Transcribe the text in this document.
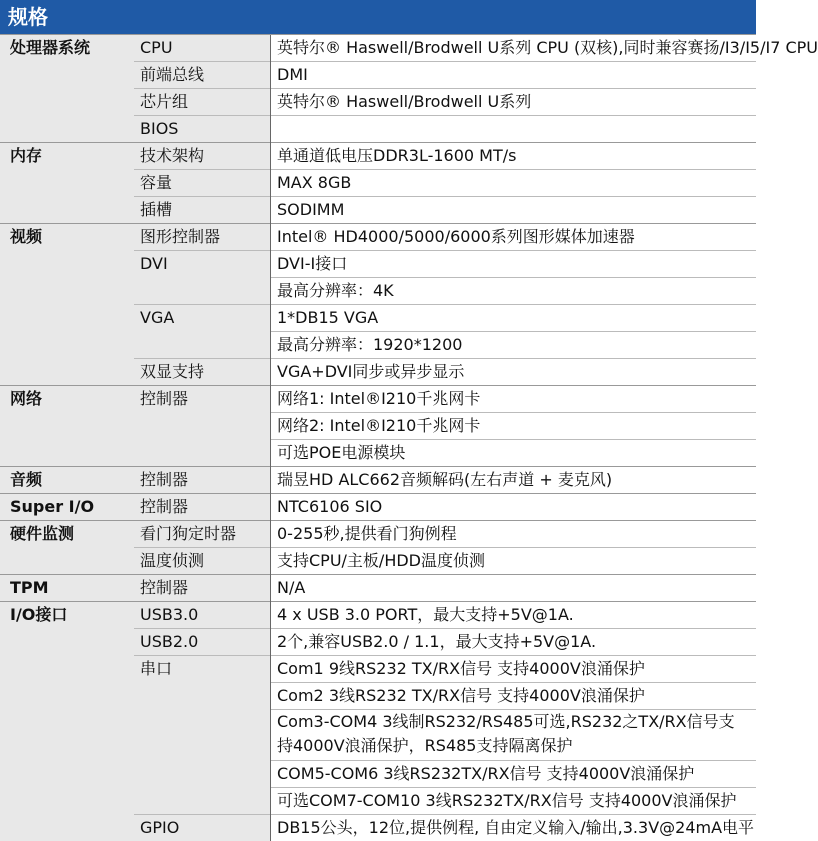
规格
处理器系统	CPU	英特尔® Haswell/Brodwell U系列 CPU (双核),同时兼容赛扬/I3/I5/I7 CPU
	前端总线	DMI
	芯片组	英特尔® Haswell/Brodwell U系列
	BIOS	
内存	技术架构	单通道低电压DDR3L-1600 MT/s
	容量	MAX 8GB
	插槽	SODIMM
视频	图形控制器	Intel® HD4000/5000/6000系列图形媒体加速器
	DVI	DVI-I接口
		最高分辨率：4K
	VGA	1*DB15 VGA
		最高分辨率：1920*1200
	双显支持	VGA+DVI同步或异步显示
网络	控制器	网络1: Intel®I210千兆网卡
		网络2: Intel®I210千兆网卡
		可选POE电源模块
音频	控制器	瑞昱HD ALC662音频解码(左右声道 + 麦克风)
Super I/O	控制器	NTC6106 SIO
硬件监测	看门狗定时器	0-255秒,提供看门狗例程
	温度侦测	支持CPU/主板/HDD温度侦测
TPM	控制器	N/A
I/O接口	USB3.0	4 x USB 3.0 PORT，最大支持+5V@1A.
	USB2.0	2个,兼容USB2.0 / 1.1，最大支持+5V@1A.
	串口	Com1 9线RS232 TX/RX信号 支持4000V浪涌保护
		Com2 3线RS232 TX/RX信号 支持4000V浪涌保护
		Com3-COM4 3线制RS232/RS485可选,RS232之TX/RX信号支持4000V浪涌保护，RS485支持隔离保护
		COM5-COM6 3线RS232TX/RX信号 支持4000V浪涌保护
		可选COM7-COM10 3线RS232TX/RX信号 支持4000V浪涌保护
	GPIO	DB15公头，12位,提供例程, 自由定义输入/输出,3.3V@24mA电平
